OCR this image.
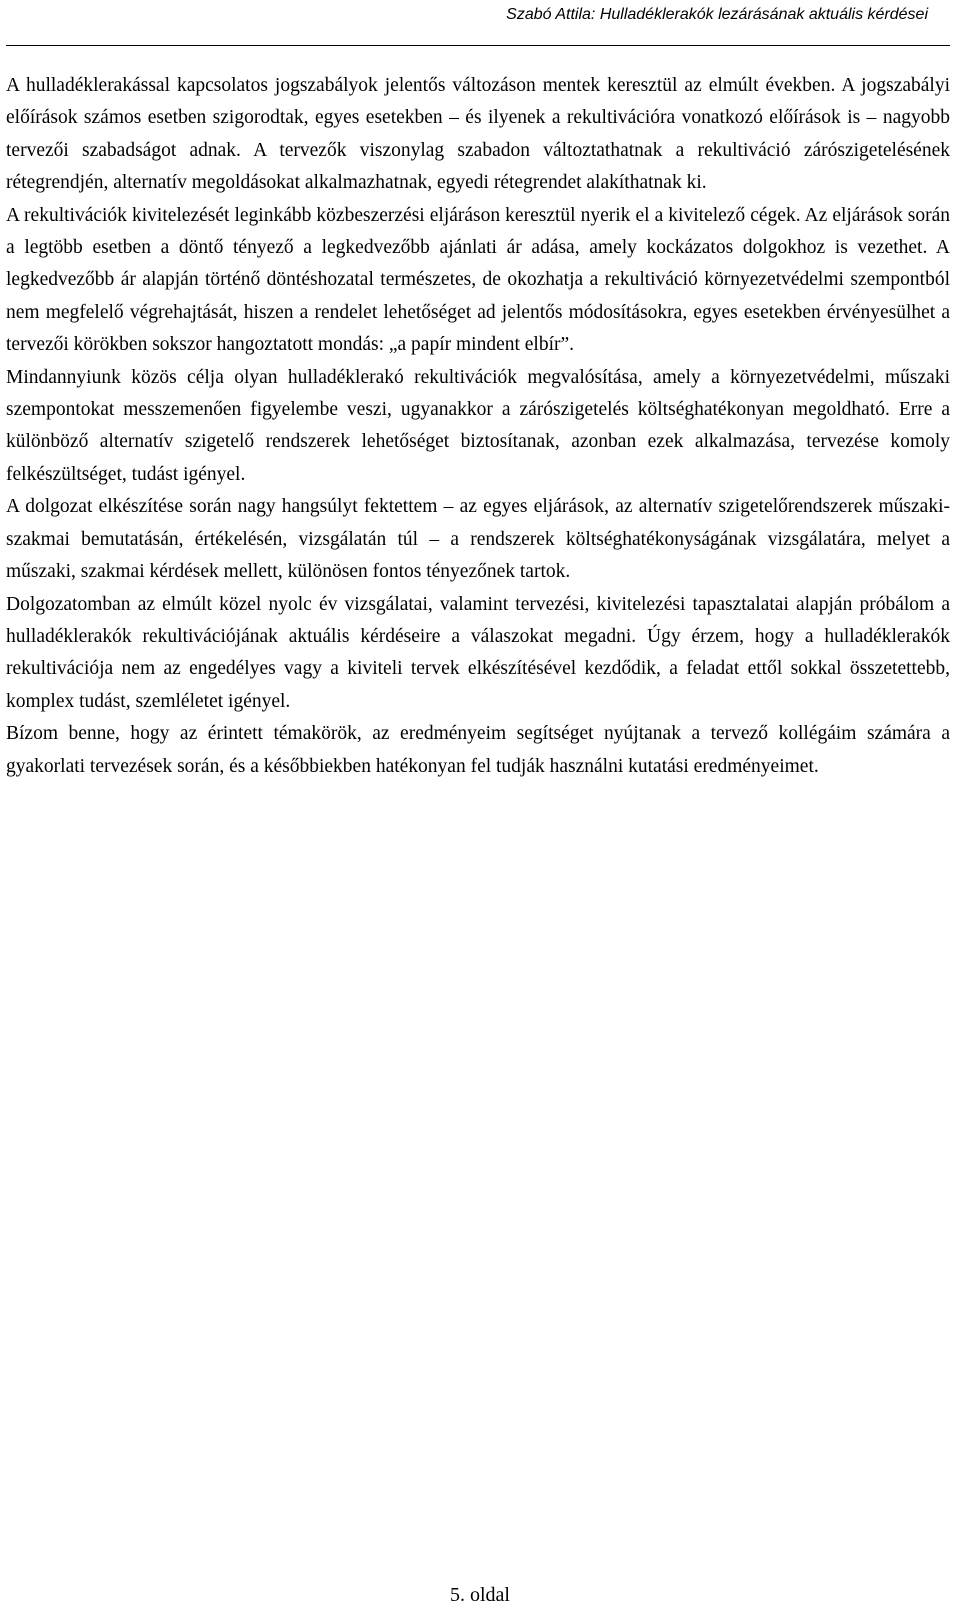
Szabó Attila: Hulladéklerakók lezárásának aktuális kérdései

A hulladéklerakással kapcsolatos jogszabályok jelentős változáson mentek keresztül az elmúlt években. A jogszabályi előírások számos esetben szigorodtak, egyes esetekben – és ilyenek a rekultivációra vonatkozó előírások is – nagyobb tervezői szabadságot adnak. A tervezők viszonylag szabadon változtathatnak a rekultiváció zárószigetelésének rétegrendjén, alternatív megoldásokat alkalmazhatnak, egyedi rétegrendet alakíthatnak ki.

A rekultivációk kivitelezését leginkább közbeszerzési eljáráson keresztül nyerik el a kivitelező cégek. Az eljárások során a legtöbb esetben a döntő tényező a legkedvezőbb ajánlati ár adása, amely kockázatos dolgokhoz is vezethet. A legkedvezőbb ár alapján történő döntéshozatal természetes, de okozhatja a rekultiváció környezetvédelmi szempontból nem megfelelő végrehajtását, hiszen a rendelet lehetőséget ad jelentős módosításokra, egyes esetekben érvényesülhet a tervezői körökben sokszor hangoztatott mondás: „a papír mindent elbír”.

Mindannyiunk közös célja olyan hulladéklerakó rekultivációk megvalósítása, amely a környezetvédelmi, műszaki szempontokat messzemenően figyelembe veszi, ugyanakkor a zárószigetelés költséghatékonyan megoldható. Erre a különböző alternatív szigetelő rendszerek lehetőséget biztosítanak, azonban ezek alkalmazása, tervezése komoly felkészültséget, tudást igényel.

A dolgozat elkészítése során nagy hangsúlyt fektettem – az egyes eljárások, az alternatív szigetelőrendszerek műszaki-szakmai bemutatásán, értékelésén, vizsgálatán túl – a rendszerek költséghatékonyságának vizsgálatára, melyet a műszaki, szakmai kérdések mellett, különösen fontos tényezőnek tartok.

Dolgozatomban az elmúlt közel nyolc év vizsgálatai, valamint tervezési, kivitelezési tapasztalatai alapján próbálom a hulladéklerakók rekultivációjának aktuális kérdéseire a válaszokat megadni. Úgy érzem, hogy a hulladéklerakók rekultivációja nem az engedélyes vagy a kiviteli tervek elkészítésével kezdődik, a feladat ettől sokkal összetettebb, komplex tudást, szemléletet igényel.

Bízom benne, hogy az érintett témakörök, az eredményeim segítséget nyújtanak a tervező kollégáim számára a gyakorlati tervezések során, és a későbbiekben hatékonyan fel tudják használni kutatási eredményeimet.

5. oldal
